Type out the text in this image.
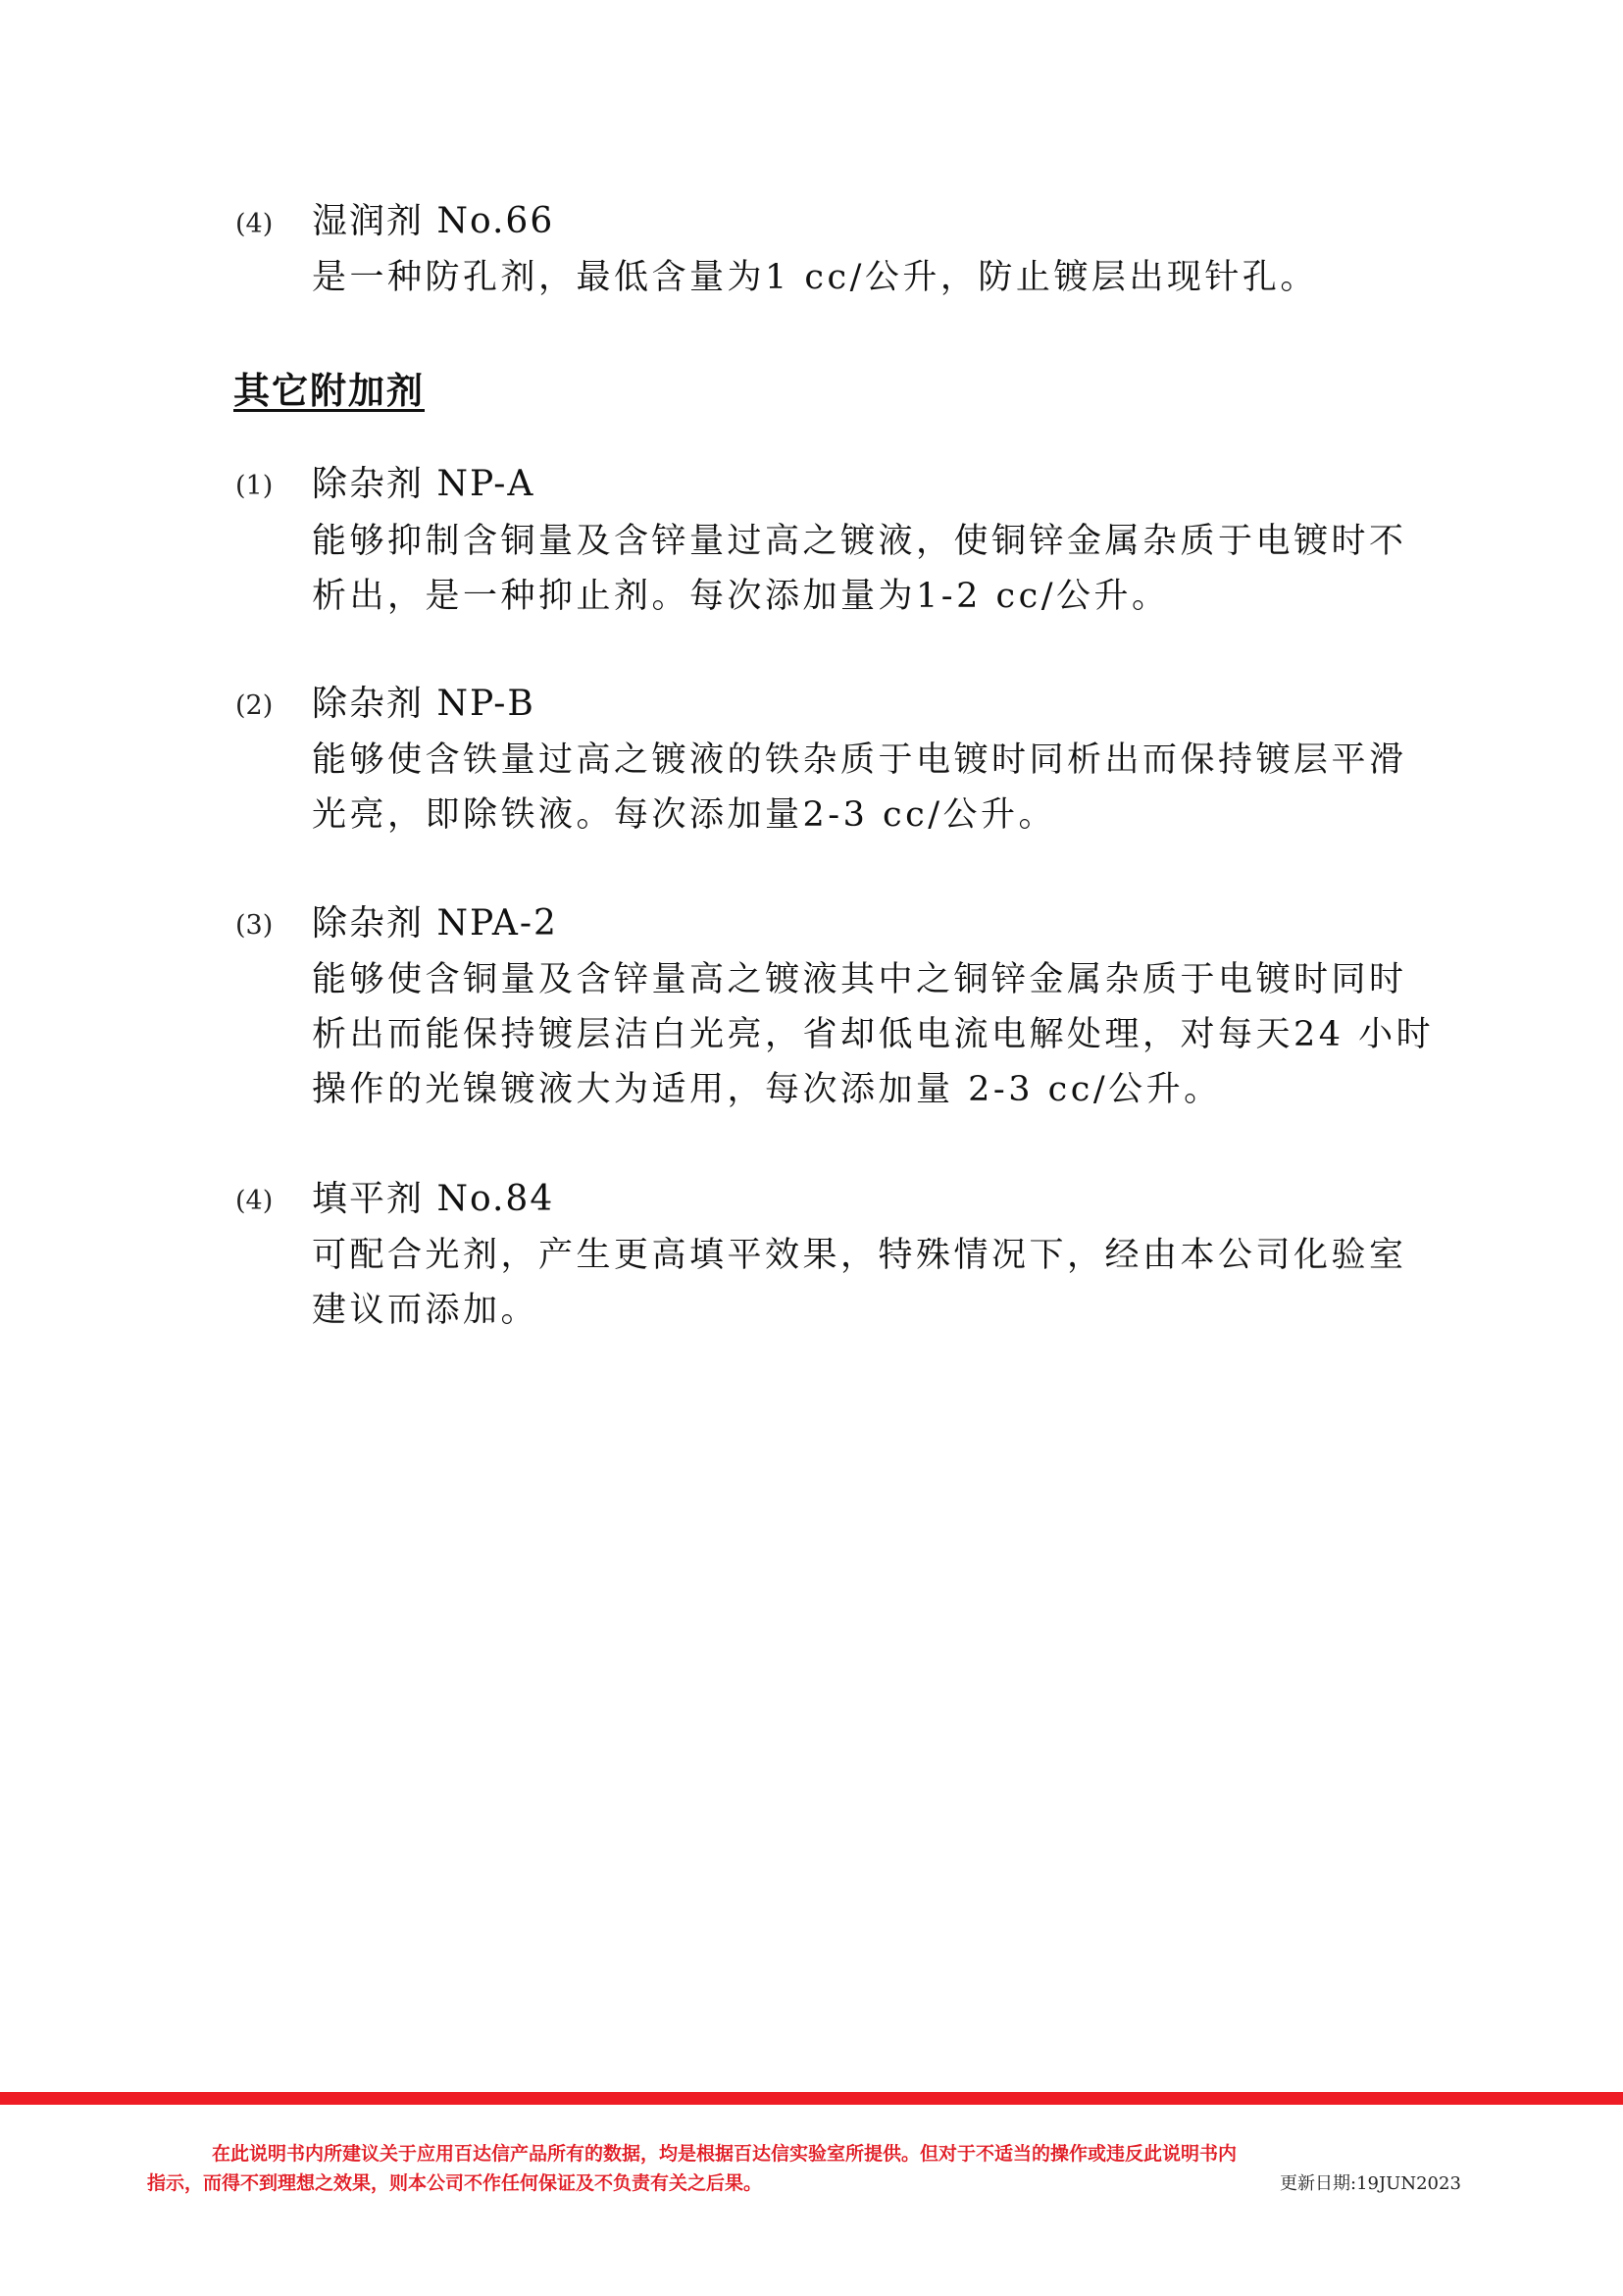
(4) 湿润剂 No.66
是一种防孔剂，最低含量为1 cc/公升，防止镀层出现针孔。
其它附加剂
(1) 除杂剂 NP-A
能够抑制含铜量及含锌量过高之镀液，使铜锌金属杂质于电镀时不
析出，是一种抑止剂。每次添加量为1-2 cc/公升。
(2) 除杂剂 NP-B
能够使含铁量过高之镀液的铁杂质于电镀时同析出而保持镀层平滑
光亮，即除铁液。每次添加量2-3 cc/公升。
(3) 除杂剂 NPA-2
能够使含铜量及含锌量高之镀液其中之铜锌金属杂质于电镀时同时
析出而能保持镀层洁白光亮，省却低电流电解处理，对每天24 小时
操作的光镍镀液大为适用，每次添加量 2-3 cc/公升。
(4) 填平剂 No.84
可配合光剂，产生更高填平效果，特殊情况下，经由本公司化验室
建议而添加。
在此说明书内所建议关于应用百达信产品所有的数据，均是根据百达信实验室所提供。但对于不适当的操作或违反此说明书内
指示，而得不到理想之效果，则本公司不作任何保证及不负责有关之后果。	更新日期:19JUN2023
